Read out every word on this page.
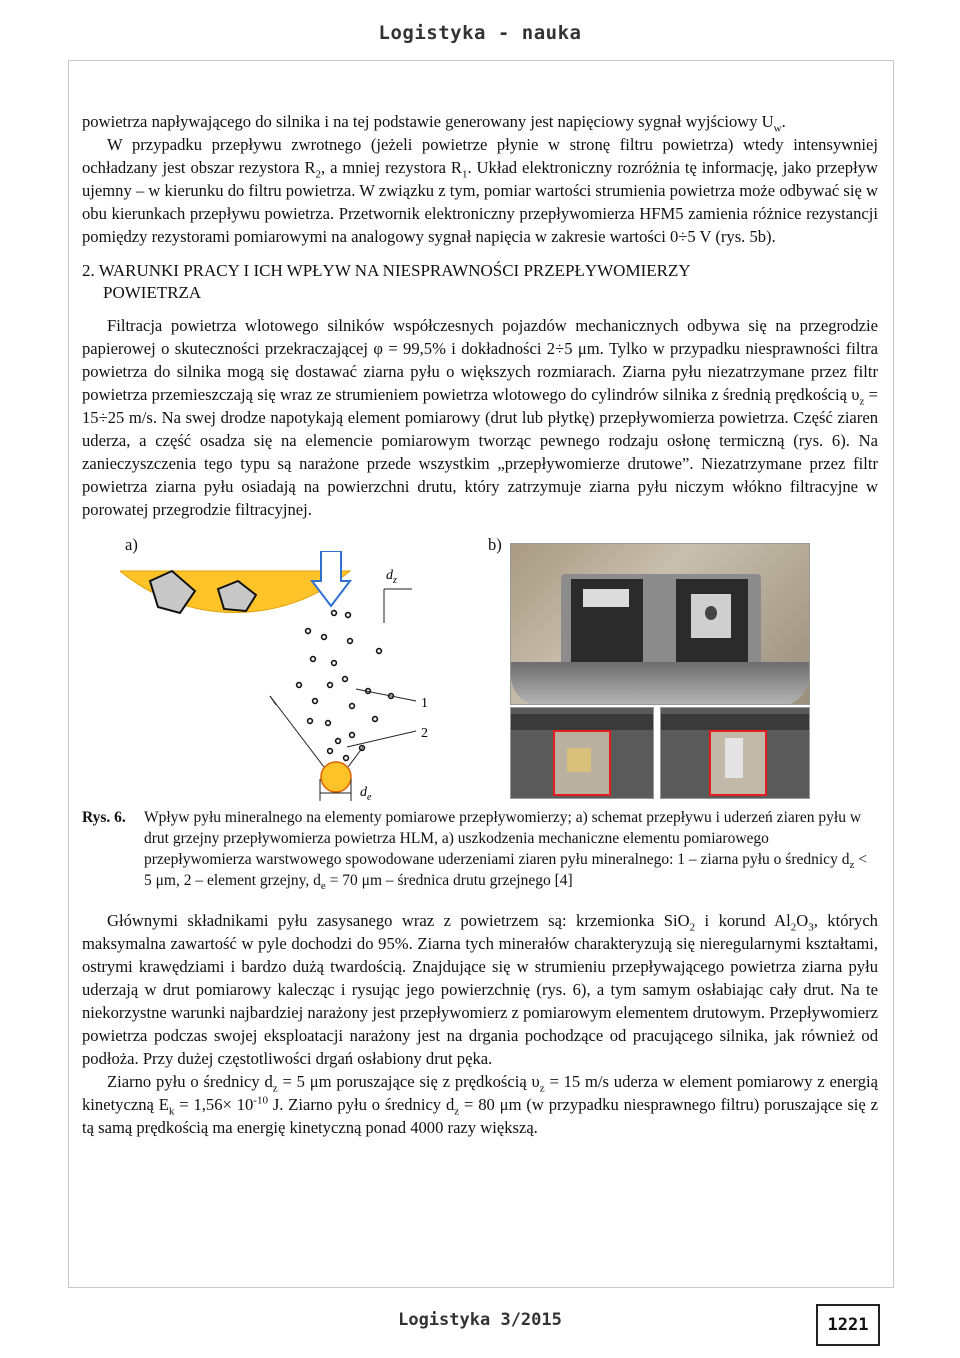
Logistyka - nauka

powietrza napływającego do silnika i na tej podstawie generowany jest napięciowy sygnał wyjściowy $U_w$.

W przypadku przepływu zwrotnego (jeżeli powietrze płynie w stronę filtru powietrza) wtedy intensywniej ochładzany jest obszar rezystora $R_2$, a mniej rezystora $R_1$. Układ elektroniczny rozróżnia tę informację, jako przepływ ujemny – w kierunku do filtru powietrza. W związku z tym, pomiar wartości strumienia powietrza może odbywać się w obu kierunkach przepływu powietrza. Przetwornik elektroniczny przepływomierza HFM5 zamienia różnice rezystancji pomiędzy rezystorami pomiarowymi na analogowy sygnał napięcia w zakresie wartości 0÷5 V (rys. 5b).

2. WARUNKI PRACY I ICH WPŁYW NA NIESPRAWNOŚCI PRZEPŁYWOMIERZY
POWIETRZA

Filtracja powietrza wlotowego silników współczesnych pojazdów mechanicznych odbywa się na przegrodzie papierowej o skuteczności przekraczającej φ = 99,5% i dokładności 2÷5 μm. Tylko w przypadku niesprawności filtra powietrza do silnika mogą się dostawać ziarna pyłu o większych rozmiarach. Ziarna pyłu niezatrzymane przez filtr powietrza przemieszczają się wraz ze strumieniem powietrza wlotowego do cylindrów silnika z średnią prędkością $\upsilon_z = 15\div 25$ m/s. Na swej drodze napotykają element pomiarowy (drut lub płytkę) przepływomierza powietrza. Część ziaren uderza, a część osadza się na elemencie pomiarowym tworząc pewnego rodzaju osłonę termiczną (rys. 6). Na zanieczyszczenia tego typu są narażone przede wszystkim „przepływomierze drutowe”. Niezatrzymane przez filtr powietrza ziarna pyłu osiadają na powierzchni drutu, który zatrzymuje ziarna pyłu niczym włókno filtracyjne w porowatej przegrodzie filtracyjnej.

a)	b)
$d_z$
1
2
$d_e$
Rys. 6. Wpływ pyłu mineralnego na elementy pomiarowe przepływomierzy; a) schemat przepływu i uderzeń ziaren pyłu w drut grzejny przepływomierza powietrza HLM, a) uszkodzenia mechaniczne elementu pomiarowego przepływomierza warstwowego spowodowane uderzeniami ziaren pyłu mineralnego: 1 – ziarna pyłu o średnicy $d_z < 5$ μm, 2 – element grzejny, $d_e = 70$ μm – średnica drutu grzejnego [4]

Głównymi składnikami pyłu zasysanego wraz z powietrzem są: krzemionka SiO$_2$ i korund $Al_2O_3$, których maksymalna zawartość w pyle dochodzi do 95%. Ziarna tych minerałów charakteryzują się nieregularnymi kształtami, ostrymi krawędziami i bardzo dużą twardością. Znajdujące się w strumieniu przepływającego powietrza ziarna pyłu uderzają w drut pomiarowy kalecząc i rysując jego powierzchnię (rys. 6), a tym samym osłabiając cały drut. Na te niekorzystne warunki najbardziej narażony jest przepływomierz z pomiarowym elementem drutowym. Przepływomierz powietrza podczas swojej eksploatacji narażony jest na drgania pochodzące od pracującego silnika, jak również od podłoża. Przy dużej częstotliwości drgań osłabiony drut pęka.

Ziarno pyłu o średnicy $d_z = 5$ μm poruszające się z prędkością $\upsilon_z = 15$ m/s uderza w element pomiarowy z energią kinetyczną $E_k = 1,56\times 10^{-10}$ J. Ziarno pyłu o średnicy $d_z = 80$ μm (w przypadku niesprawnego filtru) poruszające się z tą samą prędkością ma energię kinetyczną ponad 4000 razy większą.

Logistyka 3/2015	1221
